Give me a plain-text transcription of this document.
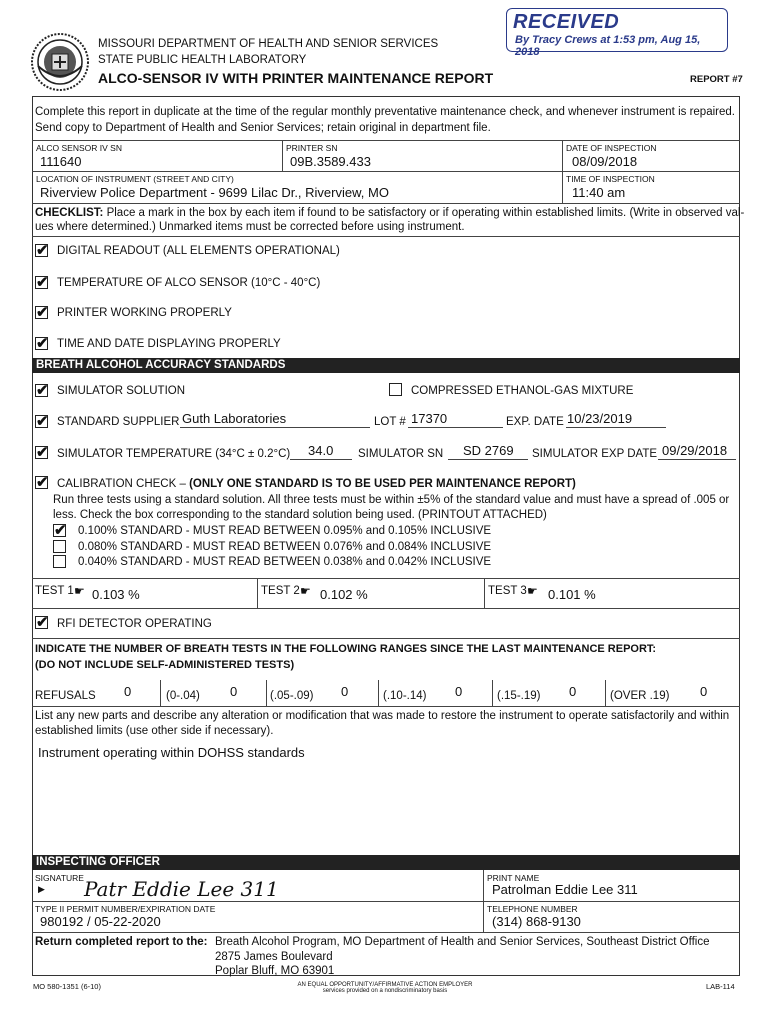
MISSOURI DEPARTMENT OF HEALTH AND SENIOR SERVICES
STATE PUBLIC HEALTH LABORATORY
ALCO-SENSOR IV WITH PRINTER MAINTENANCE REPORT	REPORT #7
RECEIVED
By Tracy Crews at 1:53 pm, Aug 15, 2018
Complete this report in duplicate at the time of the regular monthly preventative maintenance check, and whenever instrument is repaired. Send copy to Department of Health and Senior Services; retain original in department file.
ALCO SENSOR IV SN
111640
PRINTER SN
09B.3589.433
DATE OF INSPECTION
08/09/2018
LOCATION OF INSTRUMENT (STREET AND CITY)
Riverview Police Department - 9699 Lilac Dr., Riverview, MO
TIME OF INSPECTION
11:40 am
CHECKLIST: Place a mark in the box by each item if found to be satisfactory or if operating within established limits. (Write in observed val-
ues where determined.) Unmarked items must be corrected before using instrument.
✔ DIGITAL READOUT (ALL ELEMENTS OPERATIONAL)
✔ TEMPERATURE OF ALCO SENSOR (10°C - 40°C)
✔ PRINTER WORKING PROPERLY
✔ TIME AND DATE DISPLAYING PROPERLY
BREATH ALCOHOL ACCURACY STANDARDS
✔ SIMULATOR SOLUTION	COMPRESSED ETHANOL-GAS MIXTURE
✔ STANDARD SUPPLIER Guth Laboratories	LOT # 17370	EXP. DATE 10/23/2019
✔ SIMULATOR TEMPERATURE (34°C ± 0.2°C) 34.0 SIMULATOR SN SD 2769 SIMULATOR EXP DATE 09/29/2018
✔ CALIBRATION CHECK – (ONLY ONE STANDARD IS TO BE USED PER MAINTENANCE REPORT)
Run three tests using a standard solution. All three tests must be within ±5% of the standard value and must have a spread of .005 or
less. Check the box corresponding to the standard solution being used. (PRINTOUT ATTACHED)
✔ 0.100% STANDARD - MUST READ BETWEEN 0.095% and 0.105% INCLUSIVE
0.080% STANDARD - MUST READ BETWEEN 0.076% and 0.084% INCLUSIVE
0.040% STANDARD - MUST READ BETWEEN 0.038% and 0.042% INCLUSIVE
TEST 1 ☛ 0.103 %	TEST 2 ☛ 0.102 %	TEST 3 ☛ 0.101 %
✔ RFI DETECTOR OPERATING
INDICATE THE NUMBER OF BREATH TESTS IN THE FOLLOWING RANGES SINCE THE LAST MAINTENANCE REPORT:
(DO NOT INCLUDE SELF-ADMINISTERED TESTS)
REFUSALS 0	(0-.04) 0	(.05-.09) 0	(.10-.14) 0	(.15-.19) 0	(OVER .19) 0
List any new parts and describe any alteration or modification that was made to restore the instrument to operate satisfactorily and within
established limits (use other side if necessary).
Instrument operating within DOHSS standards
INSPECTING OFFICER
SIGNATURE
▶ Patr Eddie Lee 311	PRINT NAME
Patrolman Eddie Lee 311
TYPE II PERMIT NUMBER/EXPIRATION DATE
980192 / 05-22-2020
TELEPHONE NUMBER
(314) 868-9130
Return completed report to the: Breath Alcohol Program, MO Department of Health and Senior Services, Southeast District Office
2875 James Boulevard
Poplar Bluff, MO 63901
MO 580-1351 (6-10)	AN EQUAL OPPORTUNITY/AFFIRMATIVE ACTION EMPLOYER
services provided on a nondiscriminatory basis	LAB-114
